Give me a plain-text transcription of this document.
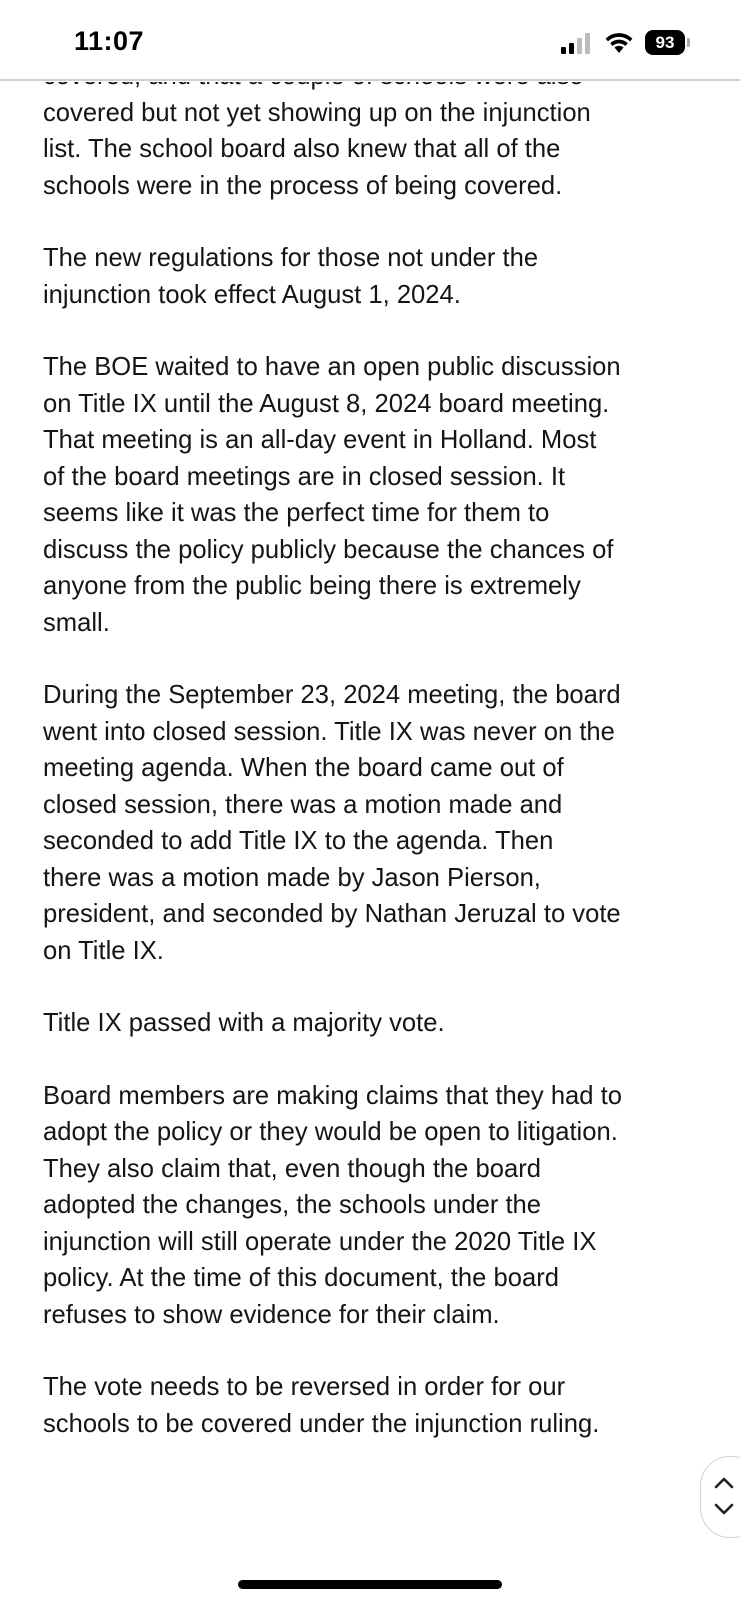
11:07	93

covered but not yet showing up on the injunction
list. The school board also knew that all of the
schools were in the process of being covered.

The new regulations for those not under the
injunction took effect August 1, 2024.

The BOE waited to have an open public discussion
on Title IX until the August 8, 2024 board meeting.
That meeting is an all-day event in Holland. Most
of the board meetings are in closed session. It
seems like it was the perfect time for them to
discuss the policy publicly because the chances of
anyone from the public being there is extremely
small.

During the September 23, 2024 meeting, the board
went into closed session. Title IX was never on the
meeting agenda. When the board came out of
closed session, there was a motion made and
seconded to add Title IX to the agenda. Then
there was a motion made by Jason Pierson,
president, and seconded by Nathan Jeruzal to vote
on Title IX.

Title IX passed with a majority vote.

Board members are making claims that they had to
adopt the policy or they would be open to litigation.
They also claim that, even though the board
adopted the changes, the schools under the
injunction will still operate under the 2020 Title IX
policy. At the time of this document, the board
refuses to show evidence for their claim.

The vote needs to be reversed in order for our
schools to be covered under the injunction ruling.
